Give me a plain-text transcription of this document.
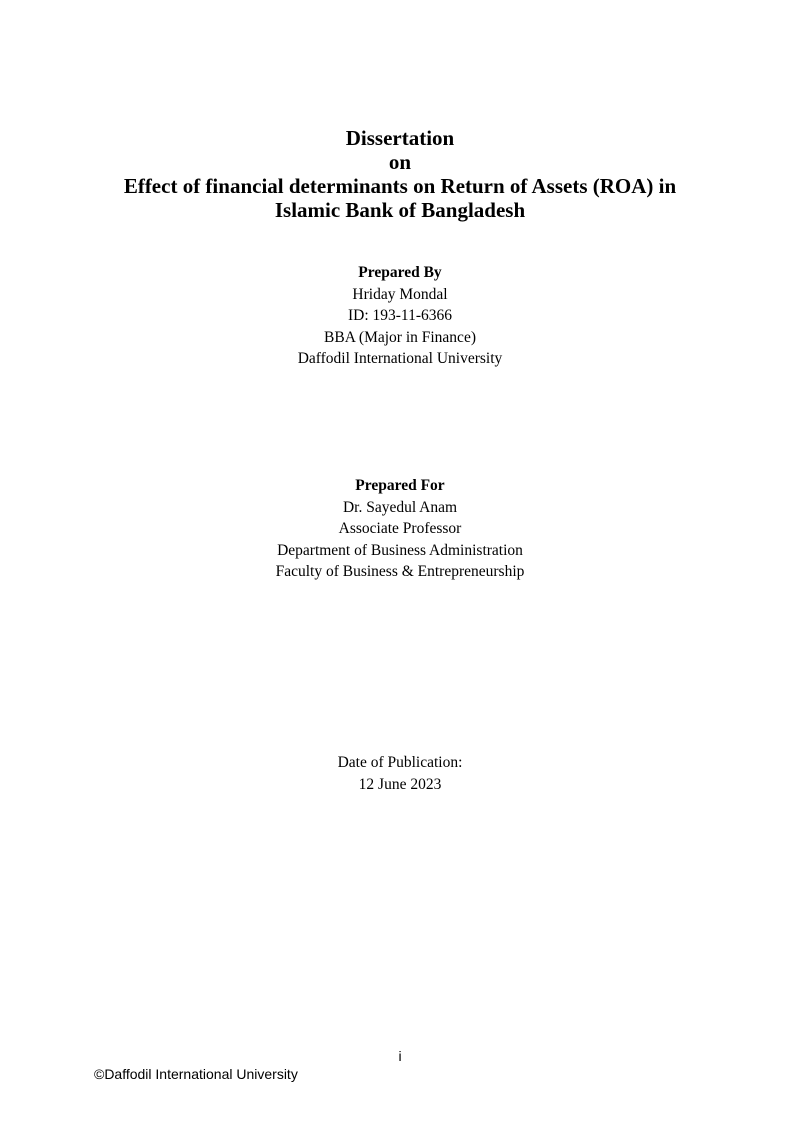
Dissertation
on
Effect of financial determinants on Return of Assets (ROA) in
Islamic Bank of Bangladesh
Prepared By
Hriday Mondal
ID: 193-11-6366
BBA (Major in Finance)
Daffodil International University
Prepared For
Dr. Sayedul Anam
Associate Professor
Department of Business Administration
Faculty of Business & Entrepreneurship
Date of Publication:
12 June 2023
i
©Daffodil International University
